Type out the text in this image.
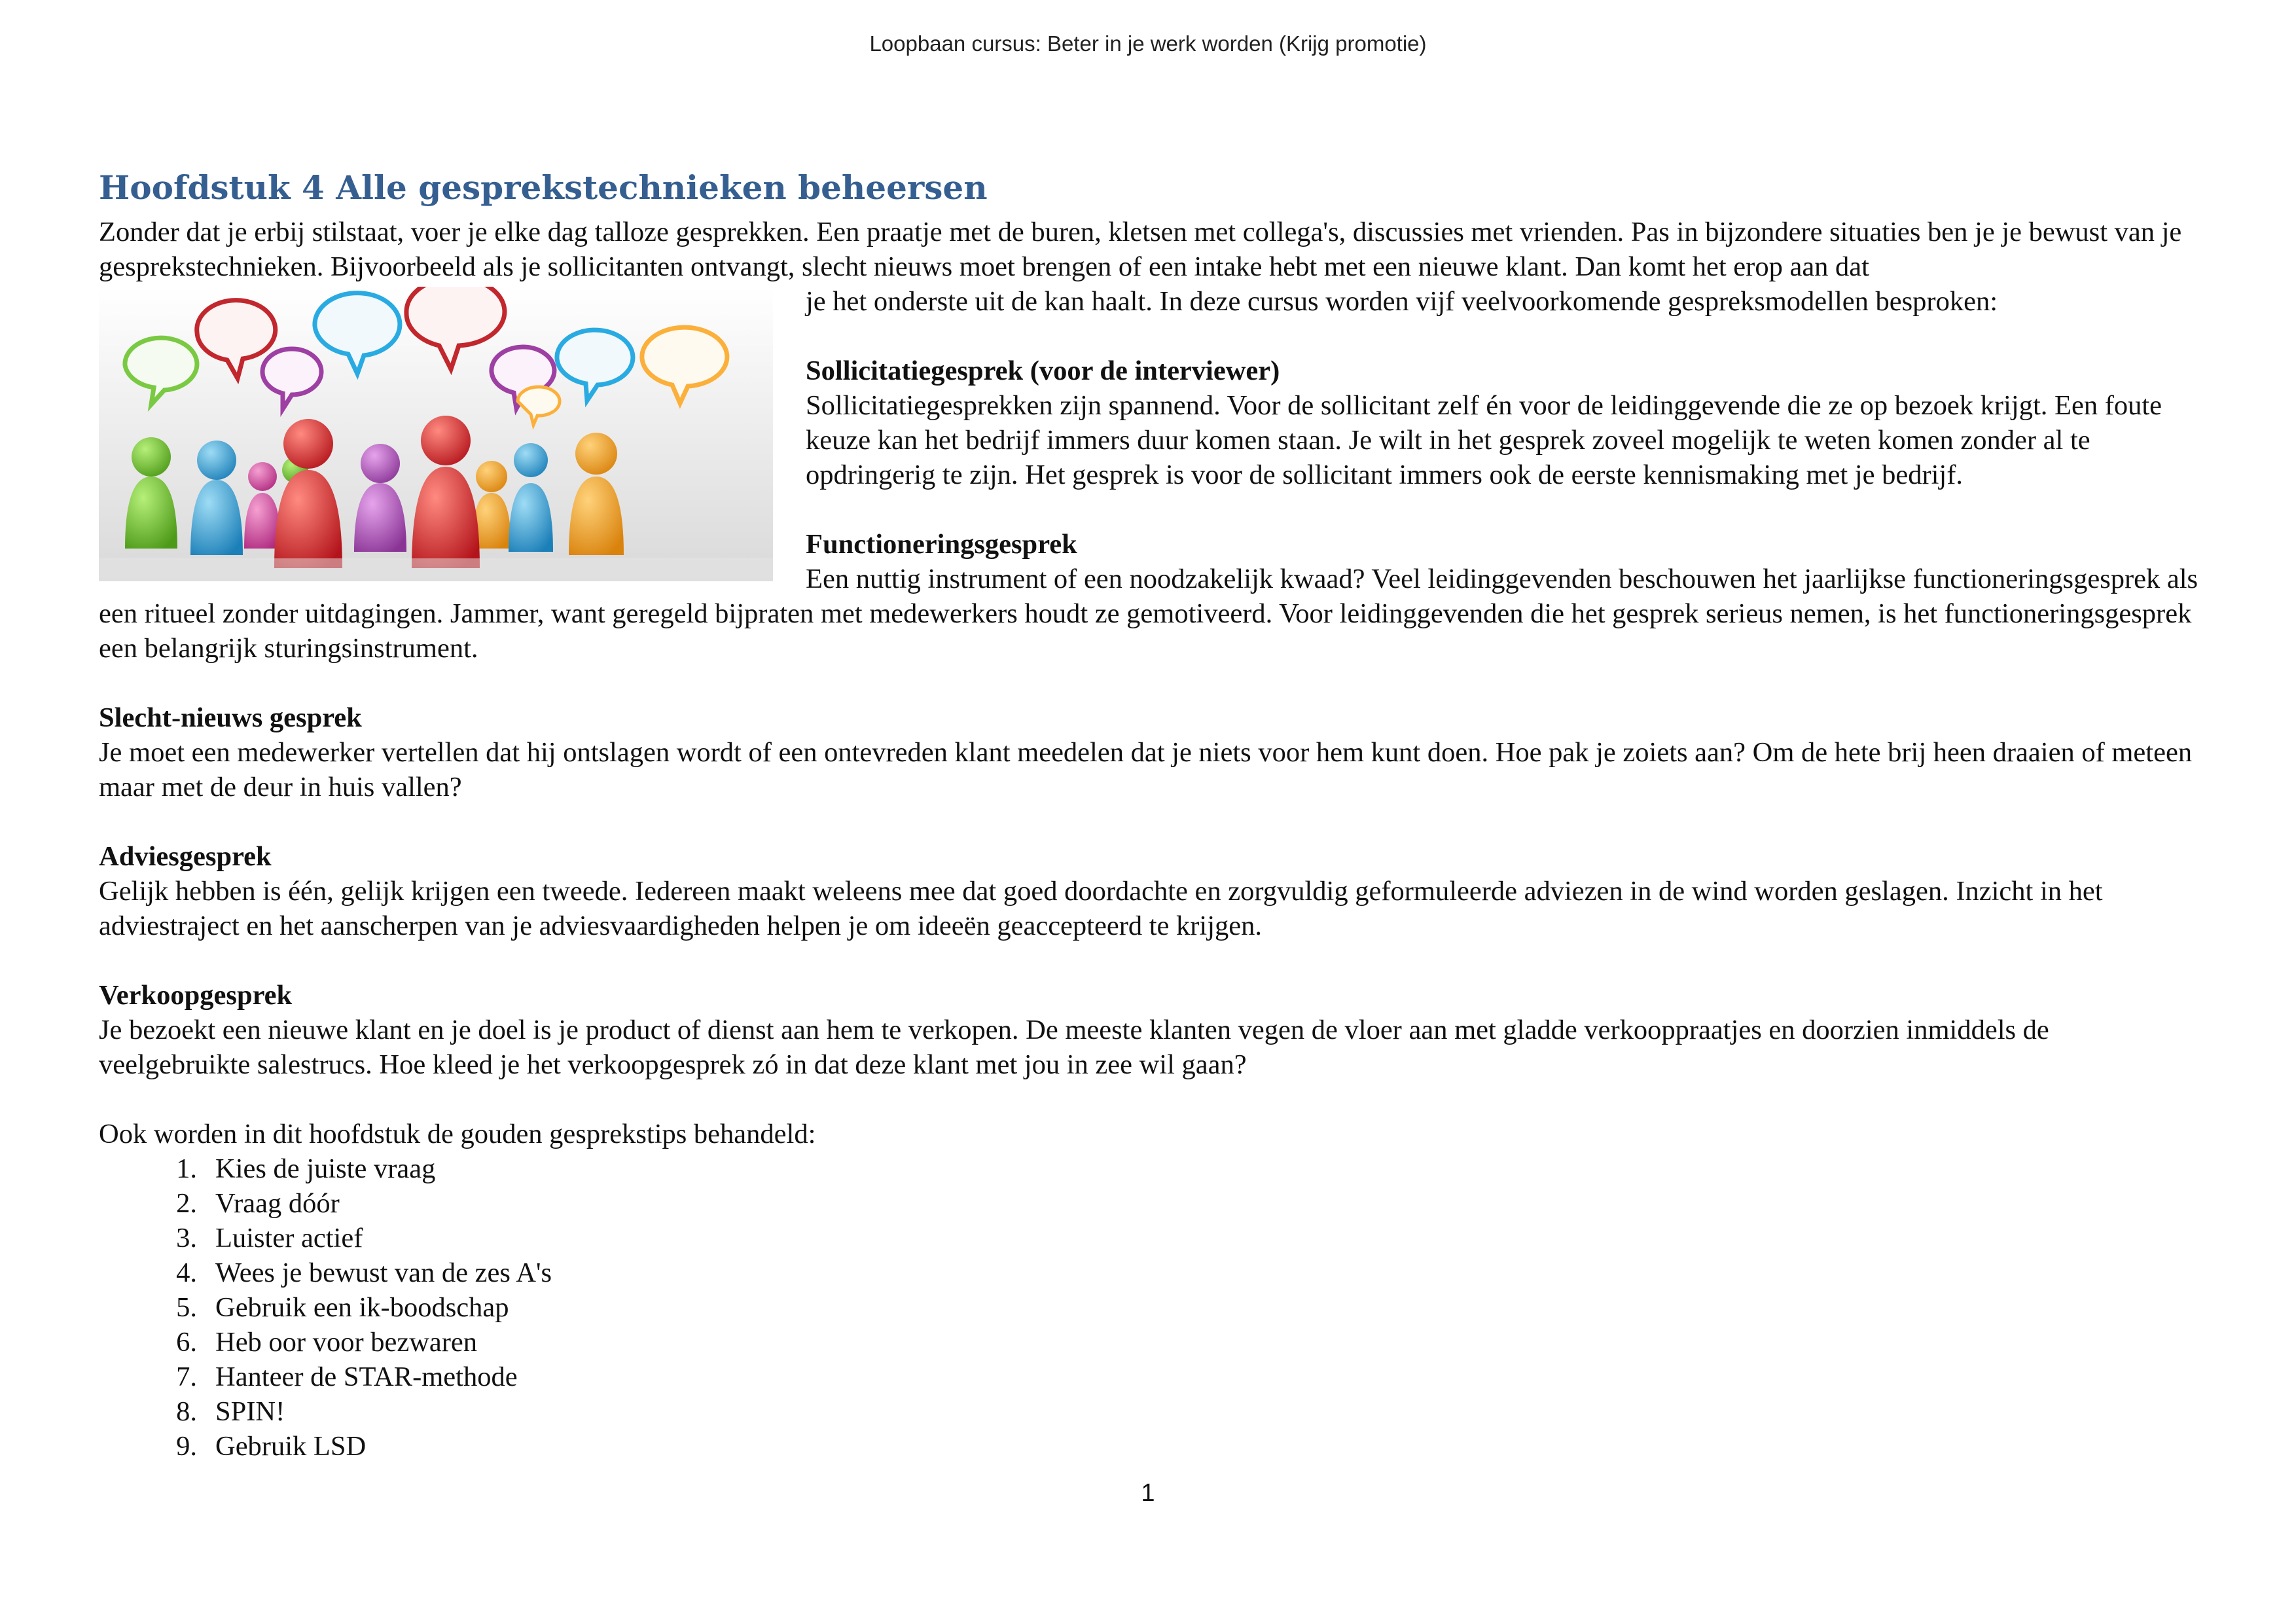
Loopbaan cursus: Beter in je werk worden (Krijg promotie)
Hoofdstuk 4 Alle gesprekstechnieken beheersen

Zonder dat je erbij stilstaat, voer je elke dag talloze gesprekken. Een praatje met de buren, kletsen met collega's, discussies met vrienden. Pas in bijzondere situaties ben je je bewust van je gesprekstechnieken. Bijvoorbeeld als je sollicitanten ontvangt, slecht nieuws moet brengen of een intake hebt met een nieuwe klant. Dan komt het erop aan dat

je het onderste uit de kan haalt. In deze cursus worden vijf veelvoorkomende gespreksmodellen besproken:

Sollicitatiegesprek (voor de interviewer)

Sollicitatiegesprekken zijn spannend. Voor de sollicitant zelf én voor de leidinggevende die ze op bezoek krijgt. Een foute keuze kan het bedrijf immers duur komen staan. Je wilt in het gesprek zoveel mogelijk te weten komen zonder al te opdringerig te zijn. Het gesprek is voor de sollicitant immers ook de eerste kennismaking met je bedrijf.

Functioneringsgesprek

Een nuttig instrument of een noodzakelijk kwaad? Veel leidinggevenden beschouwen het jaarlijkse functioneringsgesprek als een ritueel zonder uitdagingen. Jammer, want geregeld bijpraten met medewerkers houdt ze gemotiveerd. Voor leidinggevenden die het gesprek serieus nemen, is het functioneringsgesprek een belangrijk sturingsinstrument.

Slecht-nieuws gesprek

Je moet een medewerker vertellen dat hij ontslagen wordt of een ontevreden klant meedelen dat je niets voor hem kunt doen. Hoe pak je zoiets aan? Om de hete brij heen draaien of meteen maar met de deur in huis vallen?

Adviesgesprek

Gelijk hebben is één, gelijk krijgen een tweede. Iedereen maakt weleens mee dat goed doordachte en zorgvuldig geformuleerde adviezen in de wind worden geslagen. Inzicht in het adviestraject en het aanscherpen van je adviesvaardigheden helpen je om ideeën geaccepteerd te krijgen.

Verkoopgesprek

Je bezoekt een nieuwe klant en je doel is je product of dienst aan hem te verkopen. De meeste klanten vegen de vloer aan met gladde verkooppraatjes en doorzien inmiddels de veelgebruikte salestrucs. Hoe kleed je het verkoopgesprek zó in dat deze klant met jou in zee wil gaan?

Ook worden in dit hoofdstuk de gouden gesprekstips behandeld:

1. Kies de juiste vraag
2. Vraag dóór
3. Luister actief
4. Wees je bewust van de zes A's
5. Gebruik een ik-boodschap
6. Heb oor voor bezwaren
7. Hanteer de STAR-methode
8. SPIN!
9. Gebruik LSD
1
